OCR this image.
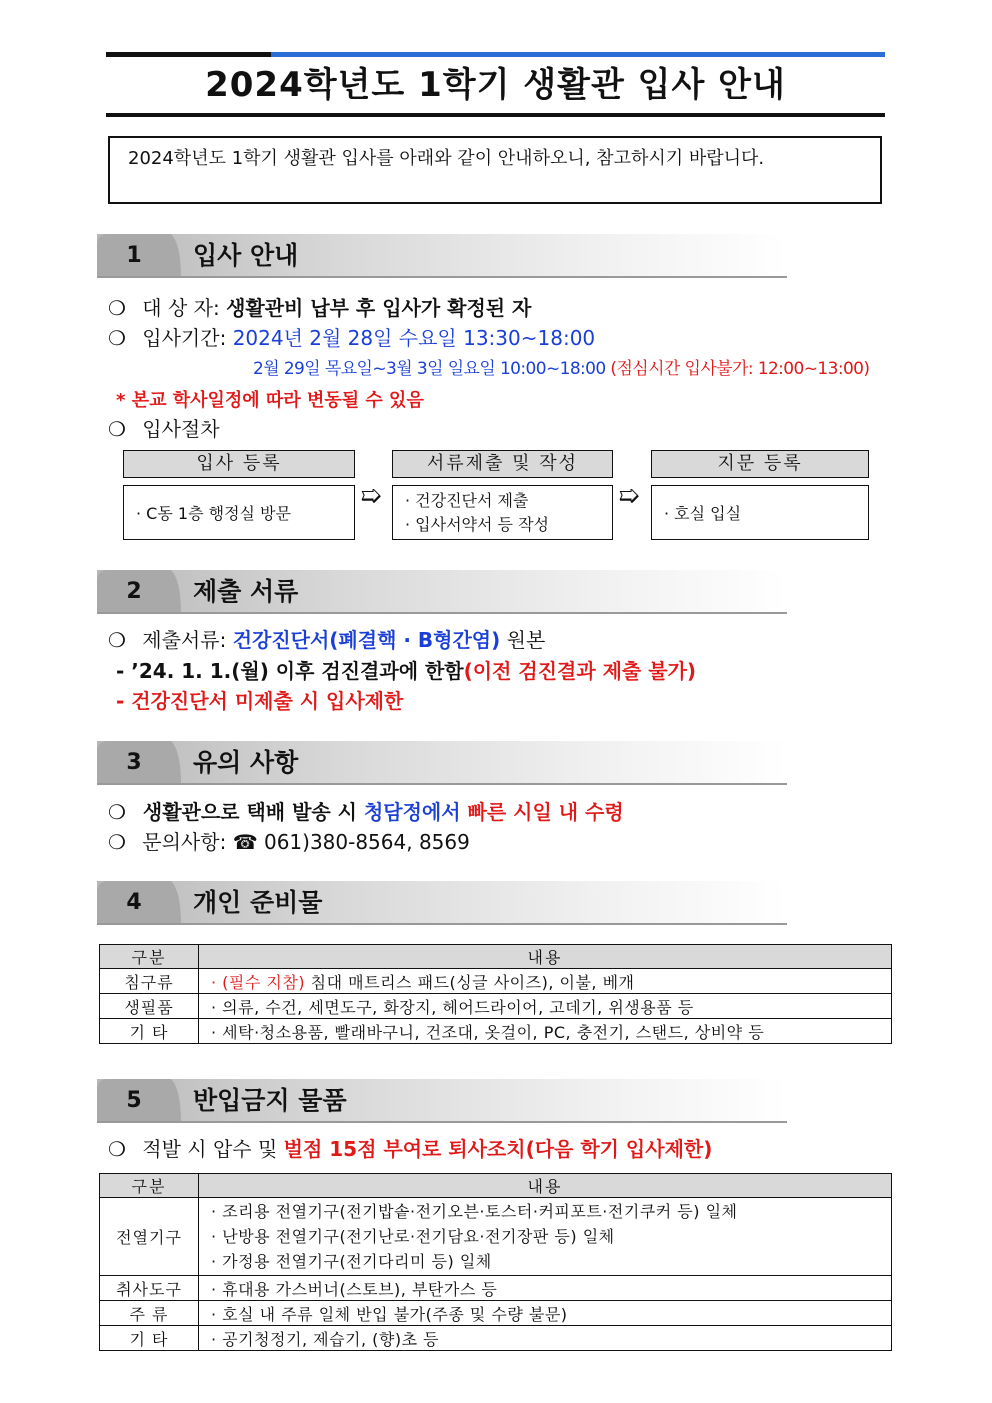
2024학년도 1학기 생활관 입사 안내
2024학년도 1학기 생활관 입사를 아래와 같이 안내하오니, 참고하시기 바랍니다.
1	입사 안내
❍ 대 상 자: 생활관비 납부 후 입사가 확정된 자
❍ 입사기간: 2024년 2월 28일 수요일 13:30~18:00
2월 29일 목요일~3월 3일 일요일 10:00~18:00 (점심시간 입사불가: 12:00~13:00)
* 본교 학사일정에 따라 변동될 수 있음
❍ 입사절차
입사 등록
· C동 1층 행정실 방문
➯
서류제출 및 작성
· 건강진단서 제출
· 입사서약서 등 작성
➯
지문 등록
· 호실 입실
2	제출 서류
❍ 제출서류: 건강진단서(폐결핵 · B형간염) 원본
- ’24. 1. 1.(월) 이후 검진결과에 한함(이전 검진결과 제출 불가)
- 건강진단서 미제출 시 입사제한
3	유의 사항
❍ 생활관으로 택배 발송 시 청담정에서 빠른 시일 내 수령
❍ 문의사항: ☎ 061)380-8564, 8569
4	개인 준비물
구분	내용
침구류	· (필수 지참) 침대 매트리스 패드(싱글 사이즈), 이불, 베개
생필품	· 의류, 수건, 세면도구, 화장지, 헤어드라이어, 고데기, 위생용품 등
기 타	· 세탁·청소용품, 빨래바구니, 건조대, 옷걸이, PC, 충전기, 스탠드, 상비약 등
5	반입금지 물품
❍ 적발 시 압수 및 벌점 15점 부여로 퇴사조치(다음 학기 입사제한)
구분	내용
전열기구	· 조리용 전열기구(전기밥솥·전기오븐·토스터·커피포트·전기쿠커 등) 일체
· 난방용 전열기구(전기난로·전기담요·전기장판 등) 일체
· 가정용 전열기구(전기다리미 등) 일체

취사도구	· 휴대용 가스버너(스토브), 부탄가스 등
주 류	· 호실 내 주류 일체 반입 불가(주종 및 수량 불문)
기 타	· 공기청정기, 제습기, (향)초 등
